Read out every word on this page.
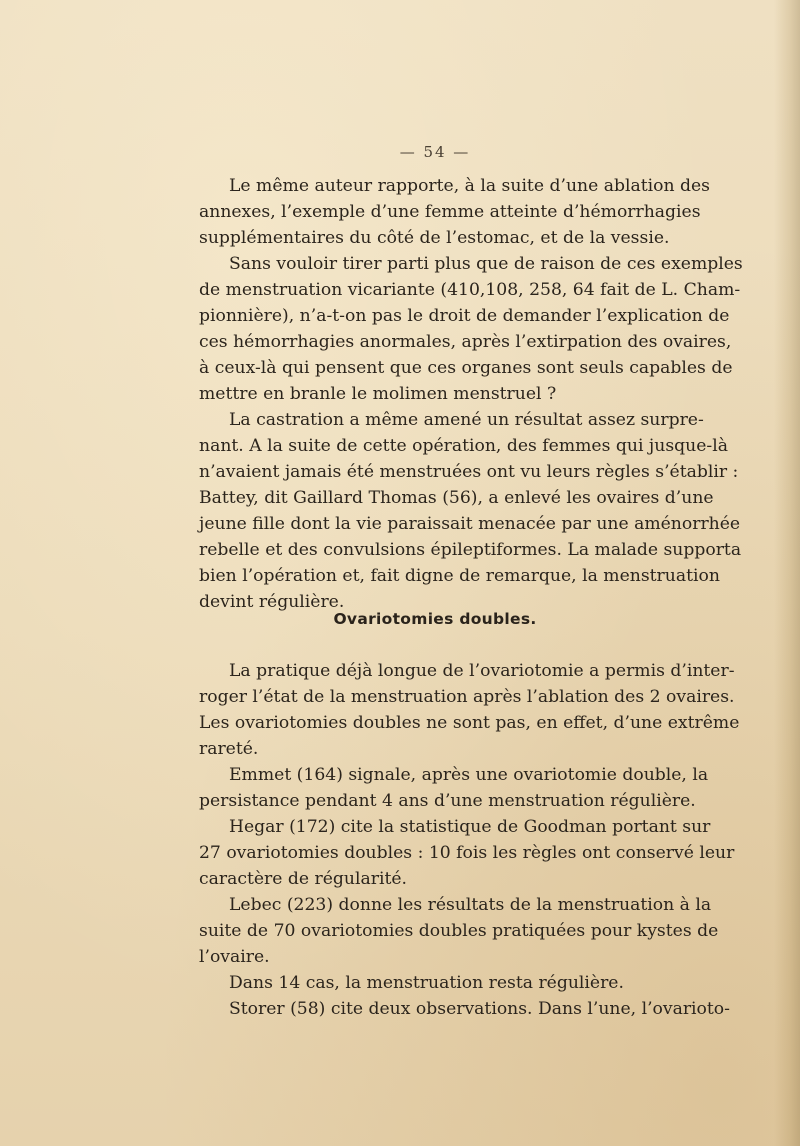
— 54 —
Le même auteur rapporte, à la suite d’une ablation des
annexes, l’exemple d’une femme atteinte d’hémorrhagies
supplémentaires du côté de l’estomac, et de la vessie.
Sans vouloir tirer parti plus que de raison de ces exemples
de menstruation vicariante (410,108, 258, 64 fait de L. Cham-
pionnière), n’a-t-on pas le droit de demander l’explication de
ces hémorrhagies anormales, après l’extirpation des ovaires,
à ceux-là qui pensent que ces organes sont seuls capables de
mettre en branle le molimen menstruel ?
La castration a même amené un résultat assez surpre-
nant. A la suite de cette opération, des femmes qui jusque-là
n’avaient jamais été menstruées ont vu leurs règles s’établir :
Battey, dit Gaillard Thomas (56), a enlevé les ovaires d’une
jeune fille dont la vie paraissait menacée par une aménorrhée
rebelle et des convulsions épileptiformes. La malade supporta
bien l’opération et, fait digne de remarque, la menstruation
devint régulière.
Ovariotomies doubles.
La pratique déjà longue de l’ovariotomie a permis d’inter-
roger l’état de la menstruation après l’ablation des 2 ovaires.
Les ovariotomies doubles ne sont pas, en effet, d’une extrême
rareté.
Emmet (164) signale, après une ovariotomie double, la
persistance pendant 4 ans d’une menstruation régulière.
Hegar (172) cite la statistique de Goodman portant sur
27 ovariotomies doubles : 10 fois les règles ont conservé leur
caractère de régularité.
Lebec (223) donne les résultats de la menstruation à la
suite de 70 ovariotomies doubles pratiquées pour kystes de
l’ovaire.
Dans 14 cas, la menstruation resta régulière.
Storer (58) cite deux observations. Dans l’une, l’ovarioto-
